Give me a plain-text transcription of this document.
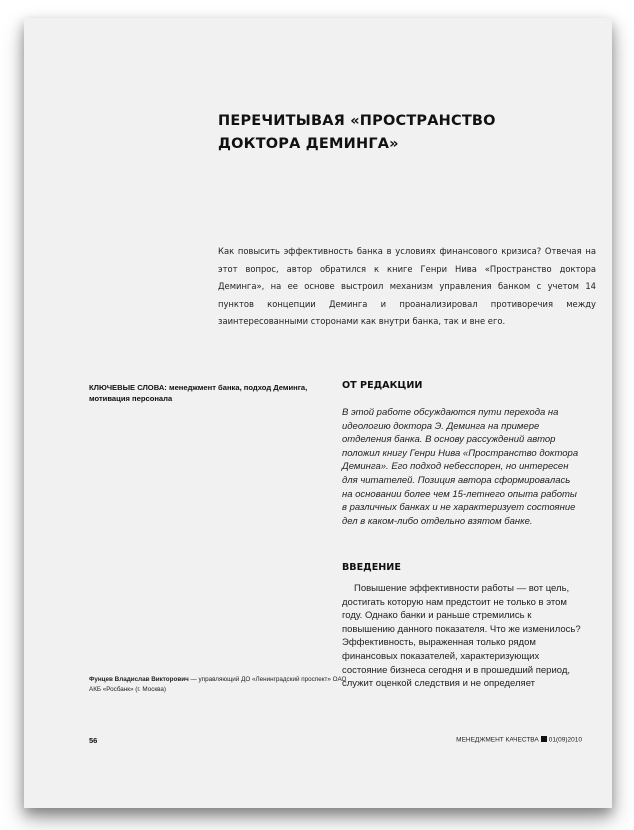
ПЕРЕЧИТЫВАЯ «ПРОСТРАНСТВО ДОКТОРА ДЕМИНГА»

Как повысить эффективность банка в условиях финансового кризиса? Отвечая на этот вопрос, автор обратился к книге Генри Нива «Пространство доктора Деминга», на ее основе выстроил механизм управления банком с учетом 14 пунктов концепции Деминга и проанализировал противоречия между заинтересованными сторонами как внутри банка, так и вне его.

КЛЮЧЕВЫЕ СЛОВА: менеджмент банка, подход Деминга, мотивация персонала
ОТ РЕДАКЦИИ

В этой работе обсуждаются пути перехода на идеологию доктора Э. Деминга на примере отделения банка. В основу рассуждений автор положил книгу Генри Нива «Пространство доктора Деминга». Его подход небесспорен, но интересен для читателей. Позиция автора сформировалась на основании более чем 15-летнего опыта работы в различных банках и не характеризует состояние дел в каком-либо отдельно взятом банке.

ВВЕДЕНИЕ

Повышение эффективности работы — вот цель, достигать которую нам предстоит не только в этом году. Однако банки и раньше стремились к повышению данного показателя. Что же изменилось? Эффективность, выраженная только рядом финансовых показателей, характеризующих состояние бизнеса сегодня и в прошедший период, служит оценкой следствия и не определяет

Фунцев Владислав Викторович — управляющий ДО «Ленинградский проспект» ОАО АКБ «Росбанк» (г. Москва)
56	МЕНЕДЖМЕНТ КАЧЕСТВА 01(09)2010
